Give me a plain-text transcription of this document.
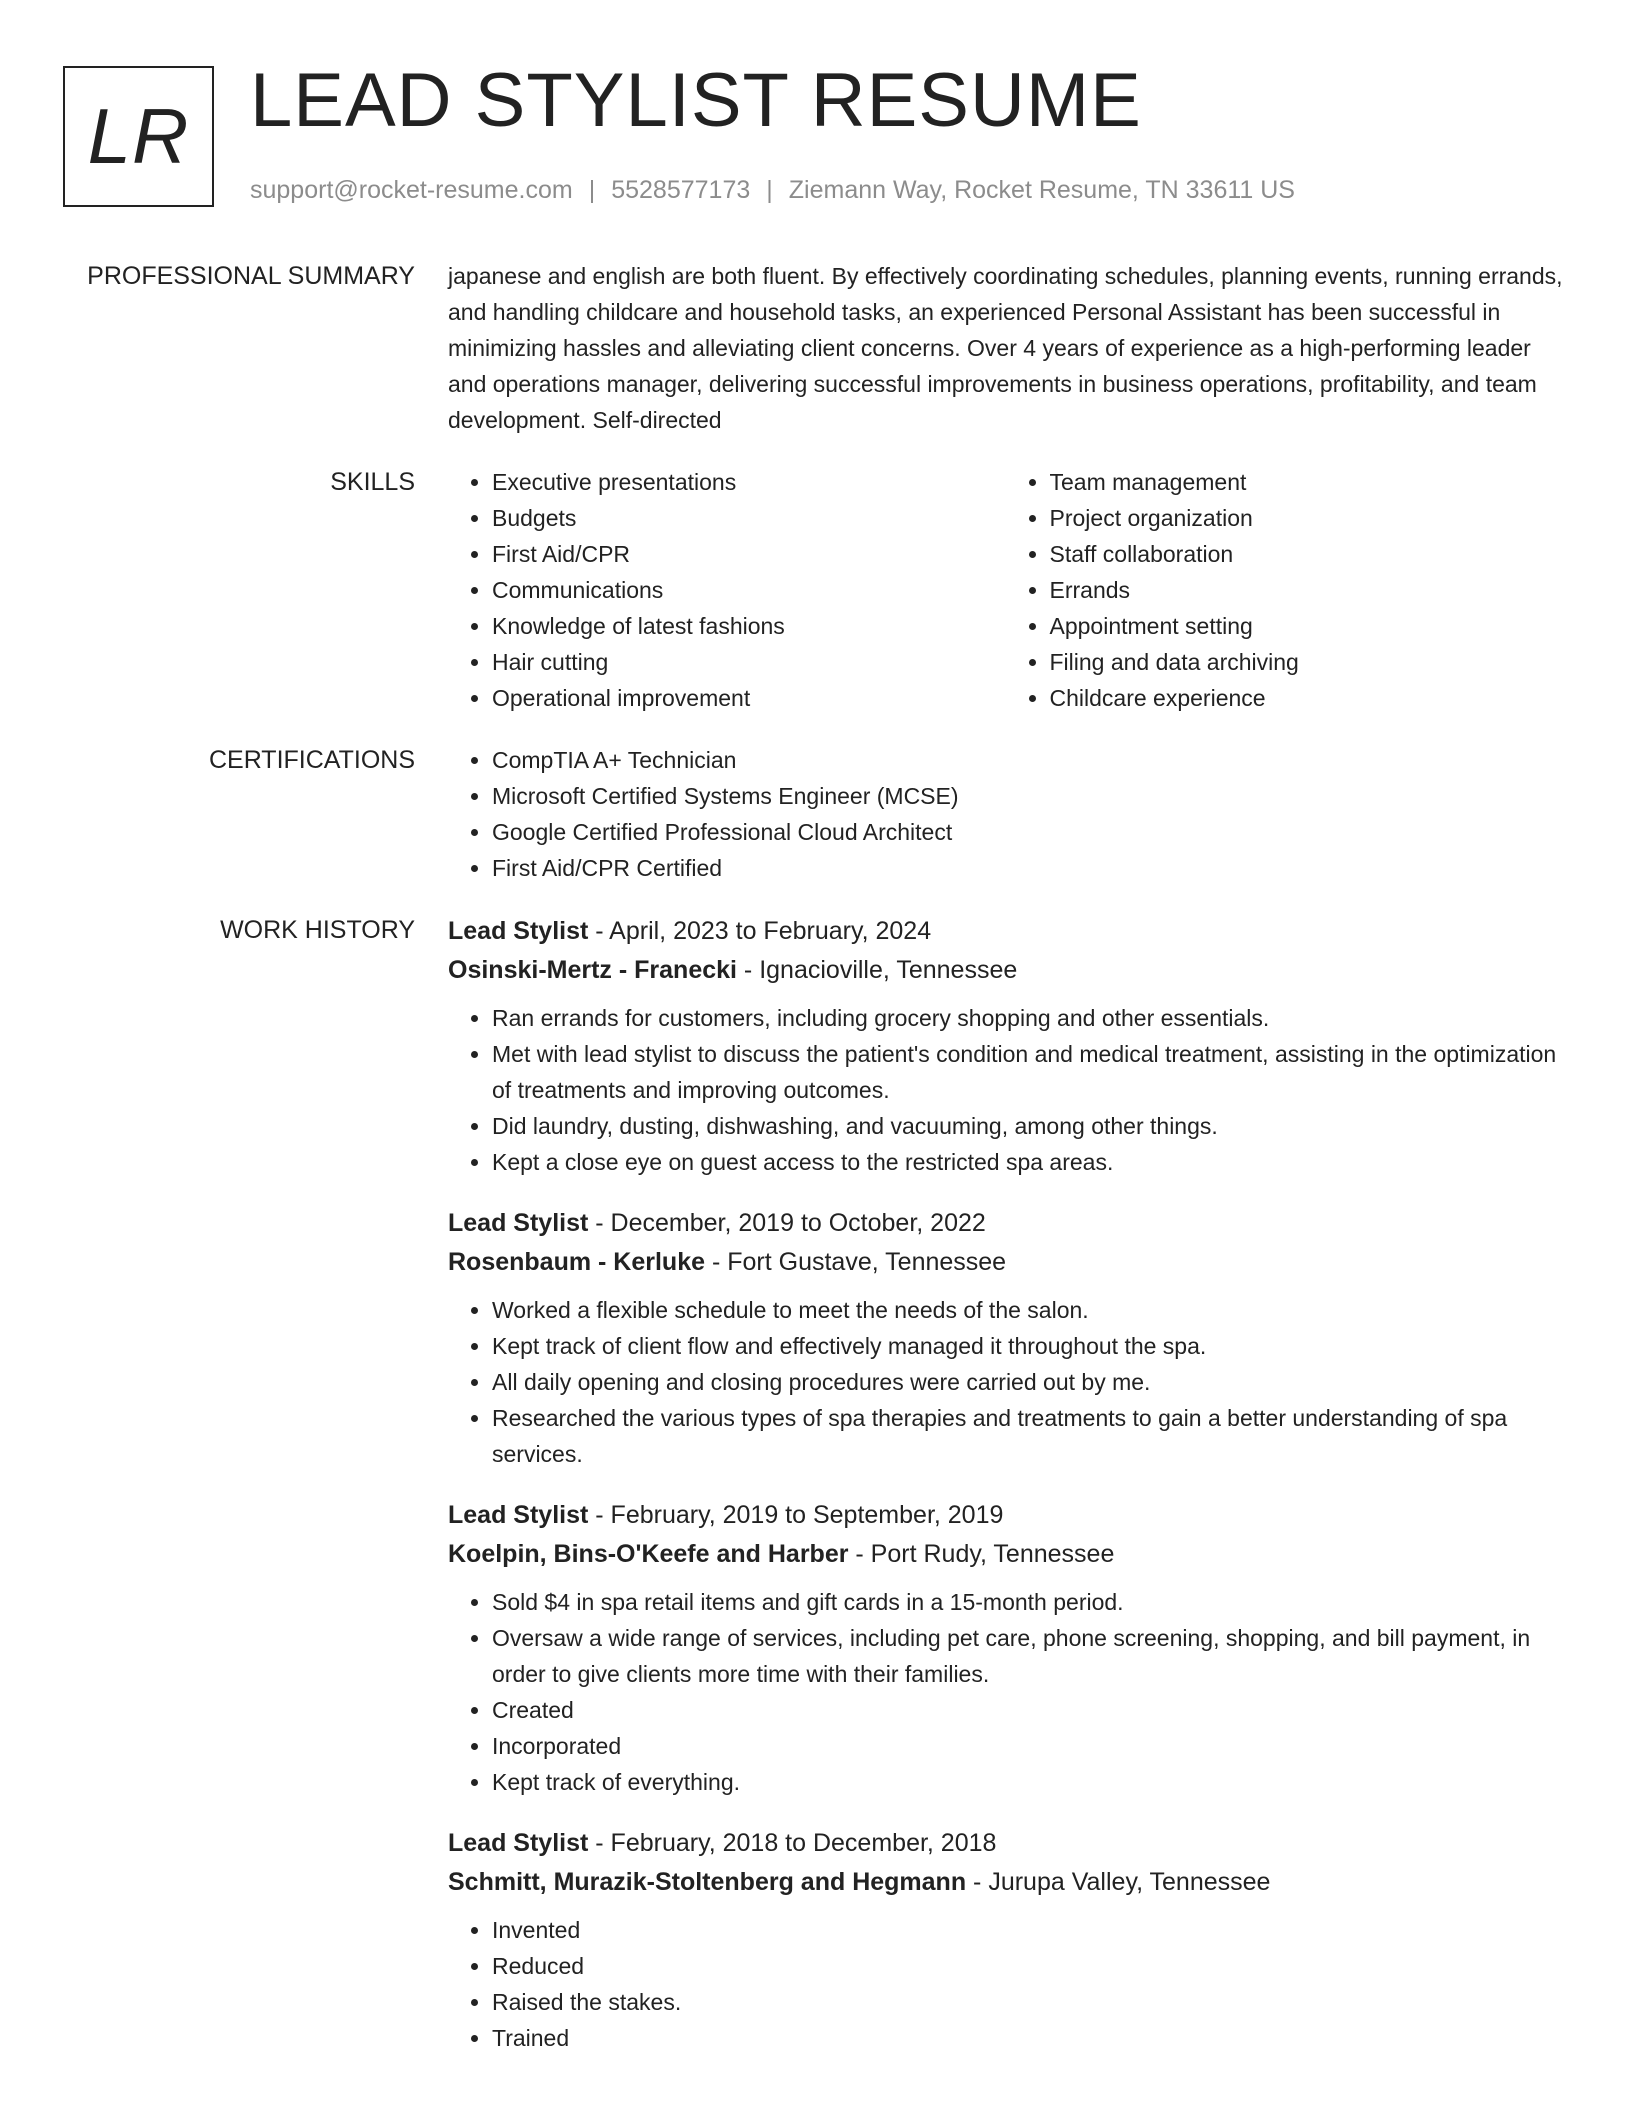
LR LEAD STYLIST RESUME
support@rocket-resume.com | 5528577173 | Ziemann Way, Rocket Resume, TN 33611 US
PROFESSIONAL SUMMARY japanese and english are both fluent. By effectively coordinating schedules, planning events, running errands, and handling childcare and household tasks, an experienced Personal Assistant has been successful in minimizing hassles and alleviating client concerns. Over 4 years of experience as a high-performing leader and operations manager, delivering successful improvements in business operations, profitability, and team development. Self-directed

SKILLS	• Executive presentations
• Budgets
• First Aid/CPR
• Communications
• Knowledge of latest fashions
• Hair cutting
• Operational improvement
• Team management
• Project organization
• Staff collaboration
• Errands
• Appointment setting
• Filing and data archiving
• Childcare experience
CERTIFICATIONS	• CompTIA A+ Technician
• Microsoft Certified Systems Engineer (MCSE)
• Google Certified Professional Cloud Architect
• First Aid/CPR Certified
WORK HISTORY Lead Stylist - April, 2023 to February, 2024
Osinski-Mertz - Franecki - Ignacioville, Tennessee
• Ran errands for customers, including grocery shopping and other essentials.
• Met with lead stylist to discuss the patient's condition and medical treatment, assisting in the optimization of treatments and improving outcomes.
• Did laundry, dusting, dishwashing, and vacuuming, among other things.
• Kept a close eye on guest access to the restricted spa areas.
Lead Stylist - December, 2019 to October, 2022
Rosenbaum - Kerluke - Fort Gustave, Tennessee
• Worked a flexible schedule to meet the needs of the salon.
• Kept track of client flow and effectively managed it throughout the spa.
• All daily opening and closing procedures were carried out by me.
• Researched the various types of spa therapies and treatments to gain a better understanding of spa services.
Lead Stylist - February, 2019 to September, 2019
Koelpin, Bins-O'Keefe and Harber - Port Rudy, Tennessee
• Sold $4 in spa retail items and gift cards in a 15-month period.
• Oversaw a wide range of services, including pet care, phone screening, shopping, and bill payment, in order to give clients more time with their families.
• Created
• Incorporated
• Kept track of everything.
Lead Stylist - February, 2018 to December, 2018
Schmitt, Murazik-Stoltenberg and Hegmann - Jurupa Valley, Tennessee
• Invented
• Reduced
• Raised the stakes.
• Trained
